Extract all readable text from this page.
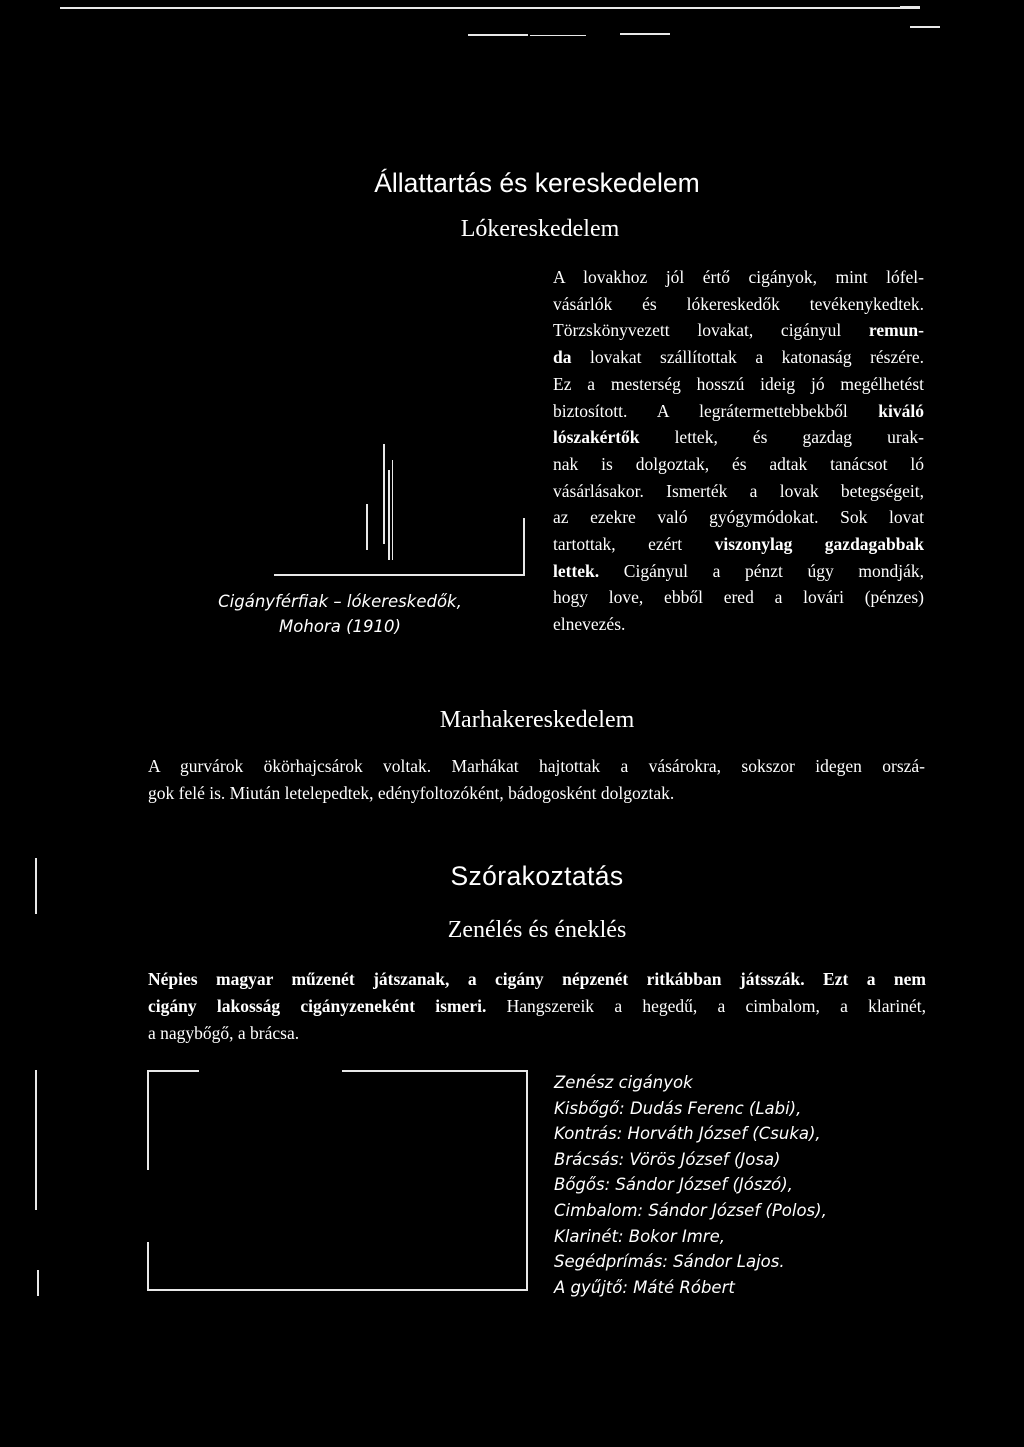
Állattartás és kereskedelem
Lókereskedelem
Cigányférfiak – lókereskedők,
Mohora (1910)
A lovakhoz jól értő cigányok, mint lófel-
vásárlók és lókereskedők tevékenykedtek.
Törzskönyvezett lovakat, cigányul remun-
da lovakat szállítottak a katonaság részére.
Ez a mesterség hosszú ideig jó megélhetést
biztosított. A legrátermettebbekből kiváló
lószakértők lettek, és gazdag urak-
nak is dolgoztak, és adtak tanácsot ló
vásárlásakor. Ismerték a lovak betegségeit,
az ezekre való gyógymódokat. Sok lovat
tartottak, ezért viszonylag gazdagabbak
lettek. Cigányul a pénzt úgy mondják,
hogy love, ebből ered a lovári (pénzes)
elnevezés.
Marhakereskedelem
A gurvárok ökörhajcsárok voltak. Marhákat hajtottak a vásárokra, sokszor idegen orszá-
gok felé is. Miután letelepedtek, edényfoltozóként, bádogosként dolgoztak.
Szórakoztatás
Zenélés és éneklés
Népies magyar műzenét játszanak, a cigány népzenét ritkábban játsszák. Ezt a nem
cigány lakosság cigányzeneként ismeri. Hangszereik a hegedű, a cimbalom, a klarinét,
a nagybőgő, a brácsa.
Zenész cigányok
Kisbőgő: Dudás Ferenc (Labi),
Kontrás: Horváth József (Csuka),
Brácsás: Vörös József (Josa)
Bőgős: Sándor József (Jószó),
Cimbalom: Sándor József (Polos),
Klarinét: Bokor Imre,
Segédprímás: Sándor Lajos.
A gyűjtő: Máté Róbert
